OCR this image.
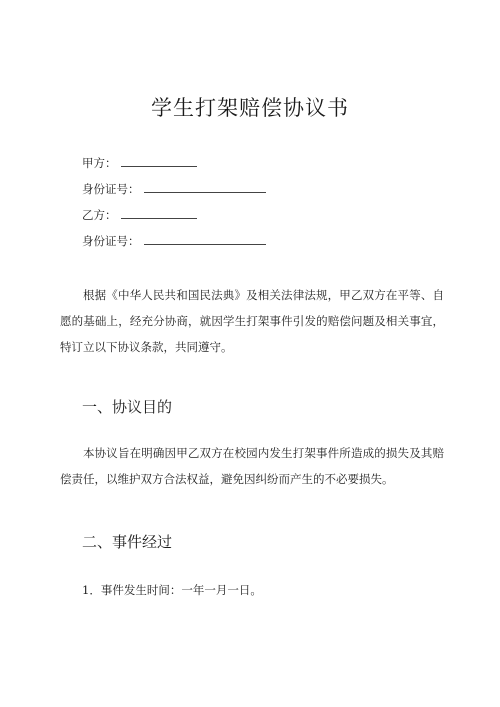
学生打架赔偿协议书
甲方：
身份证号：
乙方：
身份证号：

根据《中华人民共和国民法典》及相关法律法规，甲乙双方在平等、自愿的基础上，经充分协商，就因学生打架事件引发的赔偿问题及相关事宜，特订立以下协议条款，共同遵守。

一、协议目的

本协议旨在明确因甲乙双方在校园内发生打架事件所造成的损失及其赔偿责任，以维护双方合法权益，避免因纠纷而产生的不必要损失。

二、事件经过
1．事件发生时间：一年一月一日。
